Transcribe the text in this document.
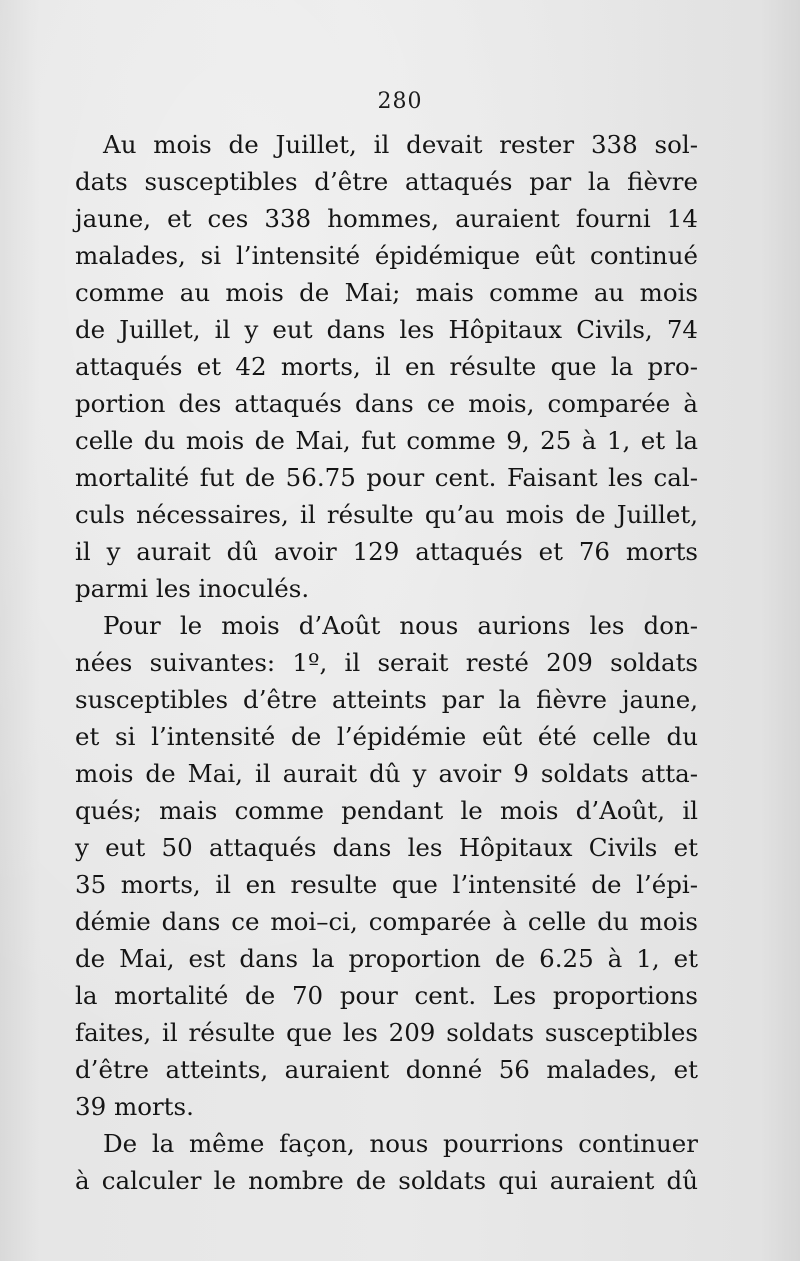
280

Au mois de Juillet, il devait rester 338 sol-
dats susceptibles d’être attaqués par la fièvre
jaune, et ces 338 hommes, auraient fourni 14
malades, si l’intensité épidémique eût continué
comme au mois de Mai; mais comme au mois
de Juillet, il y eut dans les Hôpitaux Civils, 74
attaqués et 42 morts, il en résulte que la pro-
portion des attaqués dans ce mois, comparée à
celle du mois de Mai, fut comme 9, 25 à 1, et la
mortalité fut de 56.75 pour cent. Faisant les cal-
culs nécessaires, il résulte qu’au mois de Juillet,
il y aurait dû avoir 129 attaqués et 76 morts
parmi les inoculés.

Pour le mois d’Août nous aurions les don-
nées suivantes: 1º, il serait resté 209 soldats
susceptibles d’être atteints par la fièvre jaune,
et si l’intensité de l’épidémie eût été celle du
mois de Mai, il aurait dû y avoir 9 soldats atta-
qués; mais comme pendant le mois d’Août, il
y eut 50 attaqués dans les Hôpitaux Civils et
35 morts, il en resulte que l’intensité de l’épi-
démie dans ce moi–ci, comparée à celle du mois
de Mai, est dans la proportion de 6.25 à 1, et
la mortalité de 70 pour cent. Les proportions
faites, il résulte que les 209 soldats susceptibles
d’être atteints, auraient donné 56 malades, et
39 morts.

De la même façon, nous pourrions continuer
à calculer le nombre de soldats qui auraient dû
